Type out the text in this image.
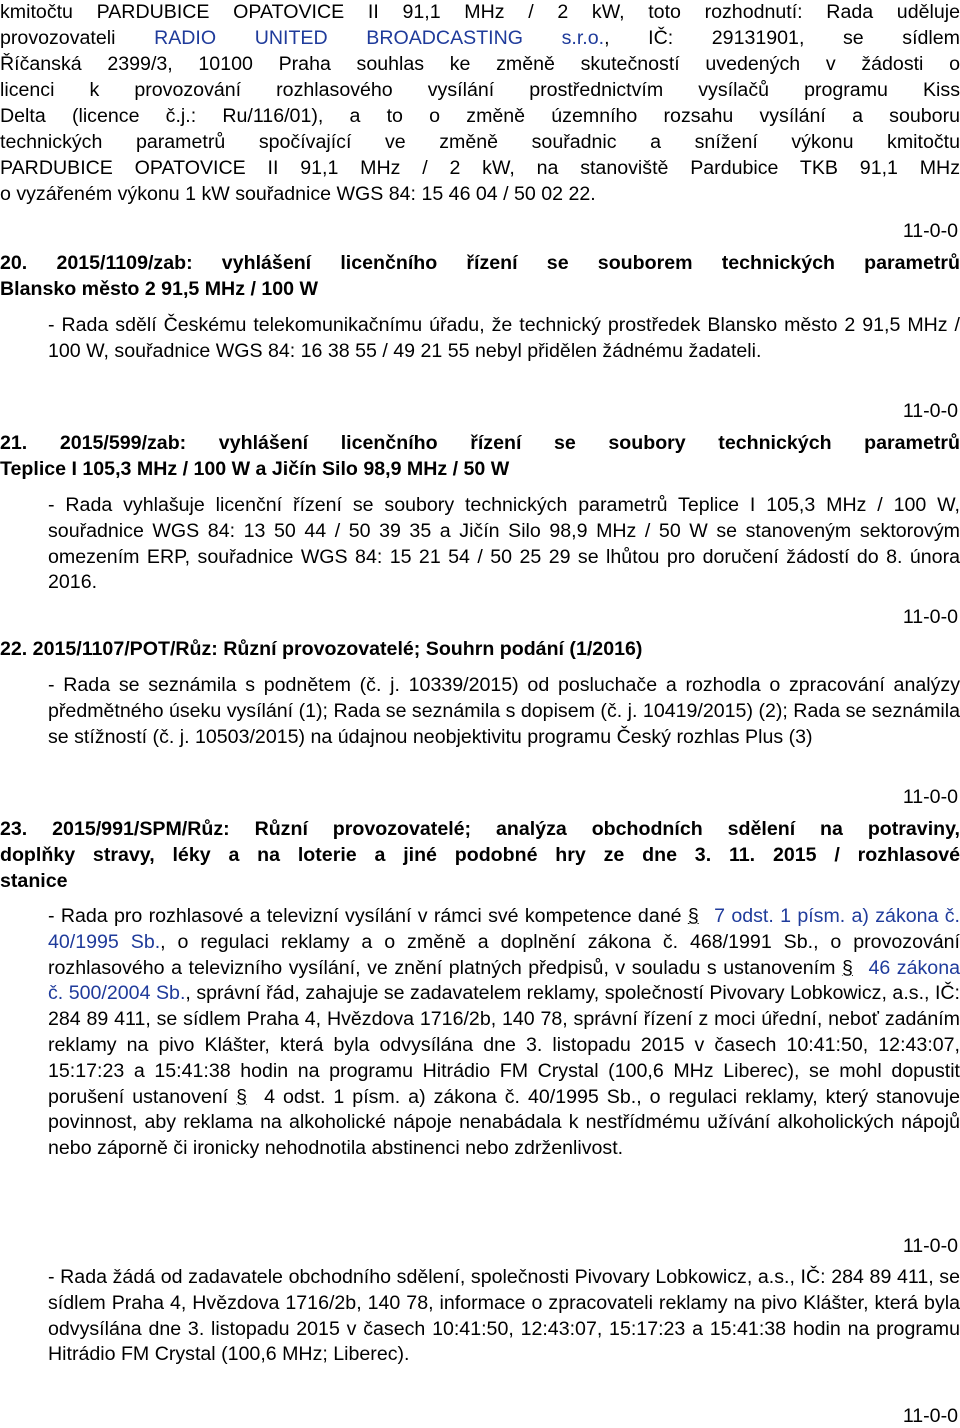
kmitočtu PARDUBICE OPATOVICE II 91,1 MHz / 2 kW, toto rozhodnutí: Rada uděluje
provozovateli RADIO UNITED BROADCASTING s.r.o., IČ: 29131901, se sídlem
Říčanská 2399/3, 10100 Praha souhlas ke změně skutečností uvedených v žádosti o
licenci k provozování rozhlasového vysílání prostřednictvím vysílačů programu Kiss
Delta (licence č.j.: Ru/116/01), a to o změně územního rozsahu vysílání a souboru
technických parametrů spočívající ve změně souřadnic a snížení výkonu kmitočtu
PARDUBICE OPATOVICE II 91,1 MHz / 2 kW, na stanoviště Pardubice TKB 91,1 MHz
o vyzářeném výkonu 1 kW souřadnice WGS 84: 15 46 04 / 50 02 22.
11-0-0
20. 2015/1109/zab: vyhlášení licenčního řízení se souborem technických parametrů
Blansko město 2 91,5 MHz / 100 W
- Rada sdělí Českému telekomunikačnímu úřadu, že technický prostředek Blansko město 2 91,5 MHz / 100 W, souřadnice WGS 84: 16 38 55 / 49 21 55 nebyl přidělen žádnému žadateli.
11-0-0
21. 2015/599/zab: vyhlášení licenčního řízení se soubory technických parametrů
Teplice I 105,3 MHz / 100 W a Jičín Silo 98,9 MHz / 50 W
- Rada vyhlašuje licenční řízení se soubory technických parametrů Teplice I 105,3 MHz / 100 W, souřadnice WGS 84: 13 50 44 / 50 39 35 a Jičín Silo 98,9 MHz / 50 W se stanoveným sektorovým omezením ERP, souřadnice WGS 84: 15 21 54 / 50 25 29 se lhůtou pro doručení žádostí do 8. února 2016.
11-0-0
22. 2015/1107/POT/Růz: Různí provozovatelé; Souhrn podání (1/2016)
- Rada se seznámila s podnětem (č. j. 10339/2015) od posluchače a rozhodla o zpracování analýzy předmětného úseku vysílání (1); Rada se seznámila s dopisem (č. j. 10419/2015) (2); Rada se seznámila se stížností (č. j. 10503/2015) na údajnou neobjektivitu programu Český rozhlas Plus (3)
11-0-0
23. 2015/991/SPM/Růz: Různí provozovatelé; analýza obchodních sdělení na potraviny,
doplňky stravy, léky a na loterie a jiné podobné hry ze dne 3. 11. 2015 / rozhlasové
stanice
- Rada pro rozhlasové a televizní vysílání v rámci své kompetence dané § 7 odst. 1 písm. a) zákona č. 40/1995 Sb., o regulaci reklamy a o změně a doplnění zákona č. 468/1991 Sb., o provozování rozhlasového a televizního vysílání, ve znění platných předpisů, v souladu s ustanovením § 46 zákona č. 500/2004 Sb., správní řád, zahajuje se zadavatelem reklamy, společností Pivovary Lobkowicz, a.s., IČ: 284 89 411, se sídlem Praha 4, Hvězdova 1716/2b, 140 78, správní řízení z moci úřední, neboť zadáním reklamy na pivo Klášter, která byla odvysílána dne 3. listopadu 2015 v časech 10:41:50, 12:43:07, 15:17:23 a 15:41:38 hodin na programu Hitrádio FM Crystal (100,6 MHz Liberec), se mohl dopustit porušení ustanovení § 4 odst. 1 písm. a) zákona č. 40/1995 Sb., o regulaci reklamy, který stanovuje povinnost, aby reklama na alkoholické nápoje nenabádala k nestřídmému užívání alkoholických nápojů nebo záporně či ironicky nehodnotila abstinenci nebo zdrženlivost.
11-0-0
- Rada žádá od zadavatele obchodního sdělení, společnosti Pivovary Lobkowicz, a.s., IČ: 284 89 411, se sídlem Praha 4, Hvězdova 1716/2b, 140 78, informace o zpracovateli reklamy na pivo Klášter, která byla odvysílána dne 3. listopadu 2015 v časech 10:41:50, 12:43:07, 15:17:23 a 15:41:38 hodin na programu Hitrádio FM Crystal (100,6 MHz; Liberec).
11-0-0
